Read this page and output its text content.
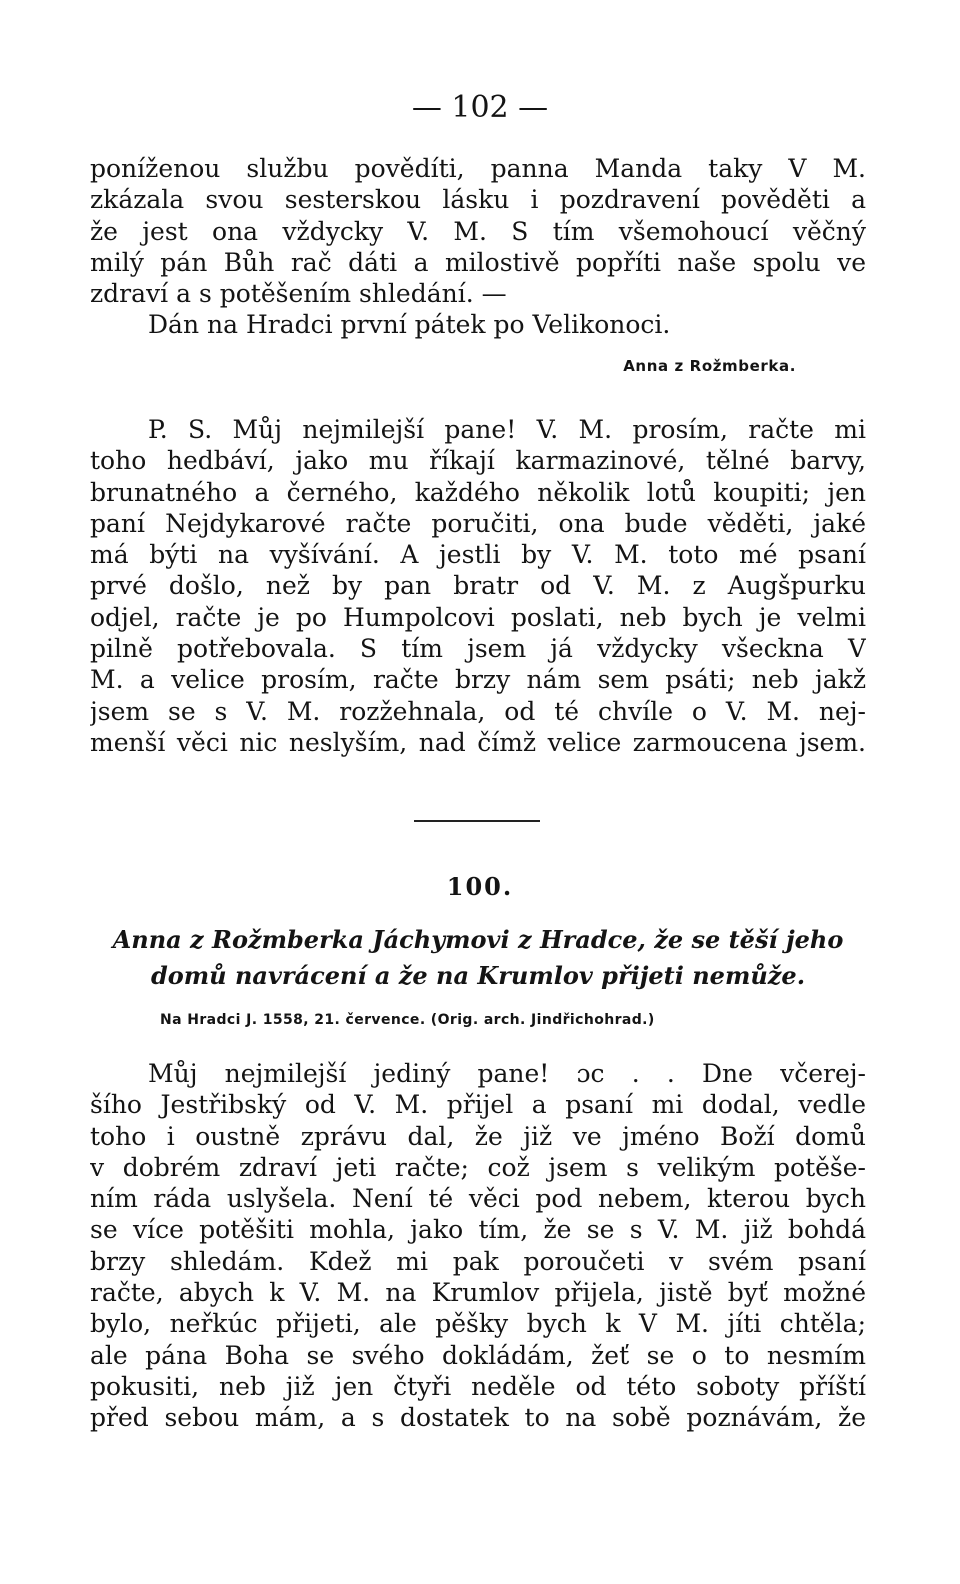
— 102 —
poníženou službu povědíti, panna Manda taky V M.
zkázala svou sesterskou lásku i pozdravení pověděti a
že jest ona vždycky V. M. S tím všemohoucí věčný
milý pán Bůh rač dáti a milostivě popříti naše spolu ve
zdraví a s potěšením shledání. —
Dán na Hradci první pátek po Velikonoci.
Anna z Rožmberka.
P. S. Můj nejmilejší pane! V. M. prosím, račte mi
toho hedbáví, jako mu říkají karmazinové, tělné barvy,
brunatného a černého, každého několik lotů koupiti; jen
paní Nejdykarové račte poručiti, ona bude věděti, jaké
má býti na vyšívání. A jestli by V. M. toto mé psaní
prvé došlo, než by pan bratr od V. M. z Augšpurku
odjel, račte je po Humpolcovi poslati, neb bych je velmi
pilně potřebovala. S tím jsem já vždycky všeckna V
M. a velice prosím, račte brzy nám sem psáti; neb jakž
jsem se s V. M. rozžehnala, od té chvíle o V. M. nej-
menší věci nic neslyším, nad čímž velice zarmoucena jsem.
100.
Anna z Rožmberka Jáchymovi z Hradce, že se těší jeho
domů navrácení a že na Krumlov přijeti nemůže.
Na Hradci J. 1558, 21. července. (Orig. arch. Jindřichohrad.)
Můj nejmilejší jediný pane! ɔc . . Dne včerej-
šího Jestřibský od V. M. přijel a psaní mi dodal, vedle
toho i oustně zprávu dal, že již ve jméno Boží domů
v dobrém zdraví jeti račte; což jsem s velikým potěše-
ním ráda uslyšela. Není té věci pod nebem, kterou bych
se více potěšiti mohla, jako tím, že se s V. M. již bohdá
brzy shledám. Kdež mi pak poroučeti v svém psaní
račte, abych k V. M. na Krumlov přijela, jistě byť možné
bylo, neřkúc přijeti, ale pěšky bych k V M. jíti chtěla;
ale pána Boha se svého dokládám, žeť se o to nesmím
pokusiti, neb již jen čtyři neděle od této soboty příští
před sebou mám, a s dostatek to na sobě poznávám, že
